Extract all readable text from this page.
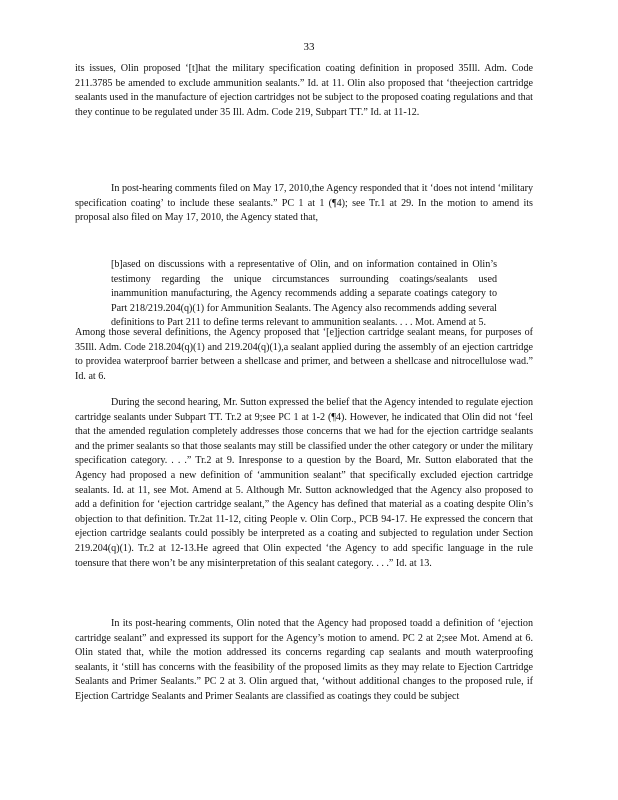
33

its issues, Olin proposed ‘[t]hat the military specification coating definition in proposed 35Ill. Adm. Code 211.3785 be amended to exclude ammunition sealants.” Id. at 11. Olin also proposed that ‘theejection cartridge sealants used in the manufacture of ejection cartridges not be subject to the proposed coating regulations and that they continue to be regulated under 35 Ill. Adm. Code 219, Subpart TT.” Id. at 11-12.

In post-hearing comments filed on May 17, 2010,the Agency responded that it ‘does not intend ‘military specification coating’ to include these sealants.” PC 1 at 1 (¶4); see Tr.1 at 29. In the motion to amend its proposal also filed on May 17, 2010, the Agency stated that,

[b]ased on discussions with a representative of Olin, and on information contained in Olin’s testimony regarding the unique circumstances surrounding coatings/sealants used inammunition manufacturing, the Agency recommends adding a separate coatings category to Part 218/219.204(q)(1) for Ammunition Sealants. The Agency also recommends adding several definitions to Part 211 to define terms relevant to ammunition sealants. . . . Mot. Amend at 5.

Among those several definitions, the Agency proposed that ‘[e]jection cartridge sealant means, for purposes of 35Ill. Adm. Code 218.204(q)(1) and 219.204(q)(1),a sealant applied during the assembly of an ejection cartridge to providea waterproof barrier between a shellcase and primer, and between a shellcase and nitrocellulose wad.” Id. at 6.

During the second hearing, Mr. Sutton expressed the belief that the Agency intended to regulate ejection cartridge sealants under Subpart TT. Tr.2 at 9;see PC 1 at 1-2 (¶4). However, he indicated that Olin did not ‘feel that the amended regulation completely addresses those concerns that we had for the ejection cartridge sealants and the primer sealants so that those sealants may still be classified under the other category or under the military specification category. . . .” Tr.2 at 9. Inresponse to a question by the Board, Mr. Sutton elaborated that the Agency had proposed a new definition of ‘ammunition sealant” that specifically excluded ejection cartridge sealants. Id. at 11, see Mot. Amend at 5. Although Mr. Sutton acknowledged that the Agency also proposed to add a definition for ‘ejection cartridge sealant,” the Agency has defined that material as a coating despite Olin’s objection to that definition. Tr.2at 11-12, citing People v. Olin Corp., PCB 94-17. He expressed the concern that ejection cartridge sealants could possibly be interpreted as a coating and subjected to regulation under Section 219.204(q)(1). Tr.2 at 12-13.He agreed that Olin expected ‘the Agency to add specific language in the rule toensure that there won’t be any misinterpretation of this sealant category. . . .” Id. at 13.

In its post-hearing comments, Olin noted that the Agency had proposed toadd a definition of ‘ejection cartridge sealant” and expressed its support for the Agency’s motion to amend. PC 2 at 2;see Mot. Amend at 6. Olin stated that, while the motion addressed its concerns regarding cap sealants and mouth waterproofing sealants, it ‘still has concerns with the feasibility of the proposed limits as they may relate to Ejection Cartridge Sealants and Primer Sealants.” PC 2 at 3. Olin argued that, ‘without additional changes to the proposed rule, if Ejection Cartridge Sealants and Primer Sealants are classified as coatings they could be subject
